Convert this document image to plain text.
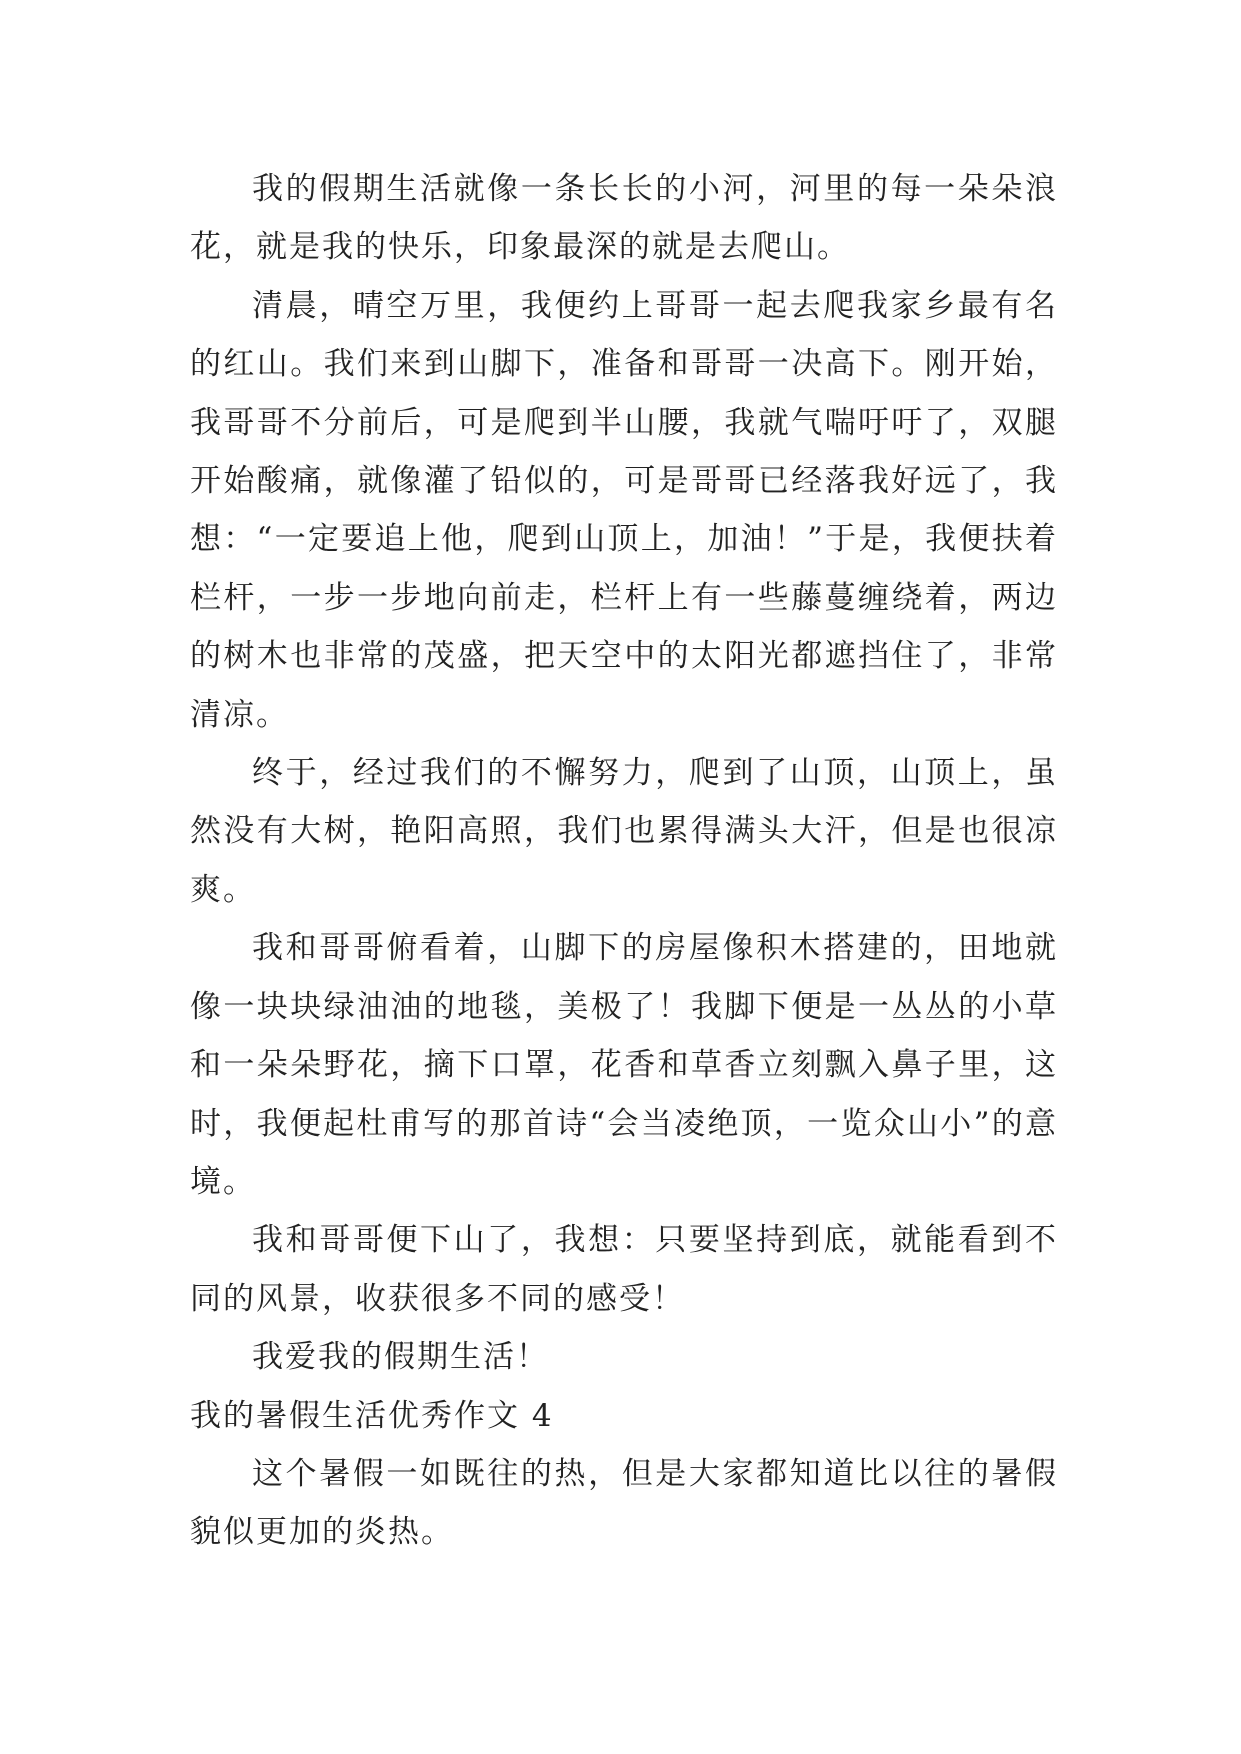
我的假期生活就像一条长长的小河，河里的每一朵朵浪花，就是我的快乐，印象最深的就是去爬山。

清晨，晴空万里，我便约上哥哥一起去爬我家乡最有名的红山。我们来到山脚下，准备和哥哥一决高下。刚开始，我哥哥不分前后，可是爬到半山腰，我就气喘吁吁了，双腿开始酸痛，就像灌了铅似的，可是哥哥已经落我好远了，我想：“一定要追上他，爬到山顶上，加油！”于是，我便扶着栏杆，一步一步地向前走，栏杆上有一些藤蔓缠绕着，两边的树木也非常的茂盛，把天空中的太阳光都遮挡住了，非常清凉。

终于，经过我们的不懈努力，爬到了山顶，山顶上，虽然没有大树，艳阳高照，我们也累得满头大汗，但是也很凉爽。

我和哥哥俯看着，山脚下的房屋像积木搭建的，田地就像一块块绿油油的地毯，美极了！我脚下便是一丛丛的小草和一朵朵野花，摘下口罩，花香和草香立刻飘入鼻子里，这时，我便起杜甫写的那首诗“会当凌绝顶，一览众山小”的意境。

我和哥哥便下山了，我想：只要坚持到底，就能看到不同的风景，收获很多不同的感受！

我爱我的假期生活！

我的暑假生活优秀作文 4

这个暑假一如既往的热，但是大家都知道比以往的暑假貌似更加的炎热。
